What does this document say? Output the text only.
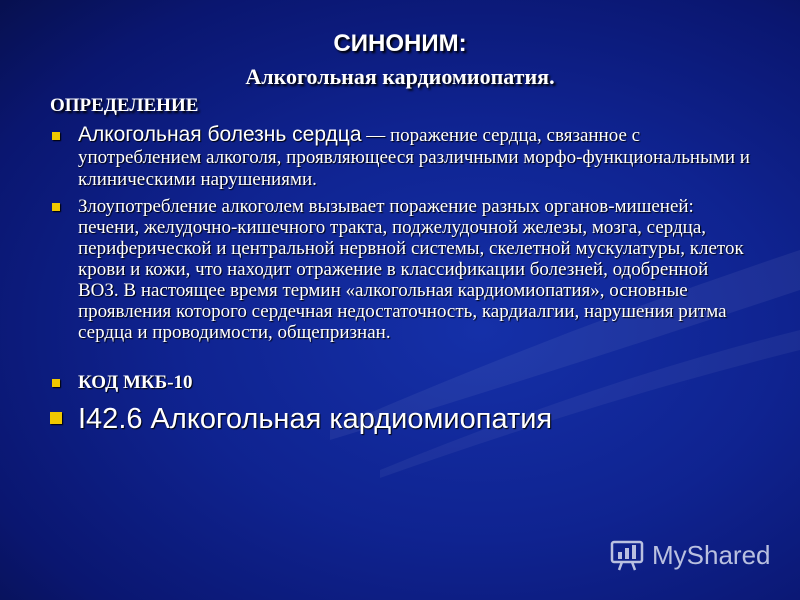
СИНОНИМ:
Алкогольная кардиомиопатия.
ОПРЕДЕЛЕНИЕ
Алкогольная болезнь сердца — поражение сердца, связанное с употреблением алкоголя, проявляющееся различными морфо-функциональными и клиническими нарушениями.
Злоупотребление алкоголем вызывает поражение разных органов-мишеней: печени, желудочно-кишечного тракта, поджелудочной железы, мозга, сердца, периферической и центральной нервной системы, скелетной мускулатуры, клеток крови и кожи, что находит отражение в классификации болезней, одобренной ВОЗ. В настоящее время термин «алкогольная кардиомиопатия», основные проявления которого сердечная недостаточность, кардиалгии, нарушения ритма сердца и проводимости, общепризнан.
КОД МКБ-10
I42.6 Алкогольная кардиомиопатия
MyShared
